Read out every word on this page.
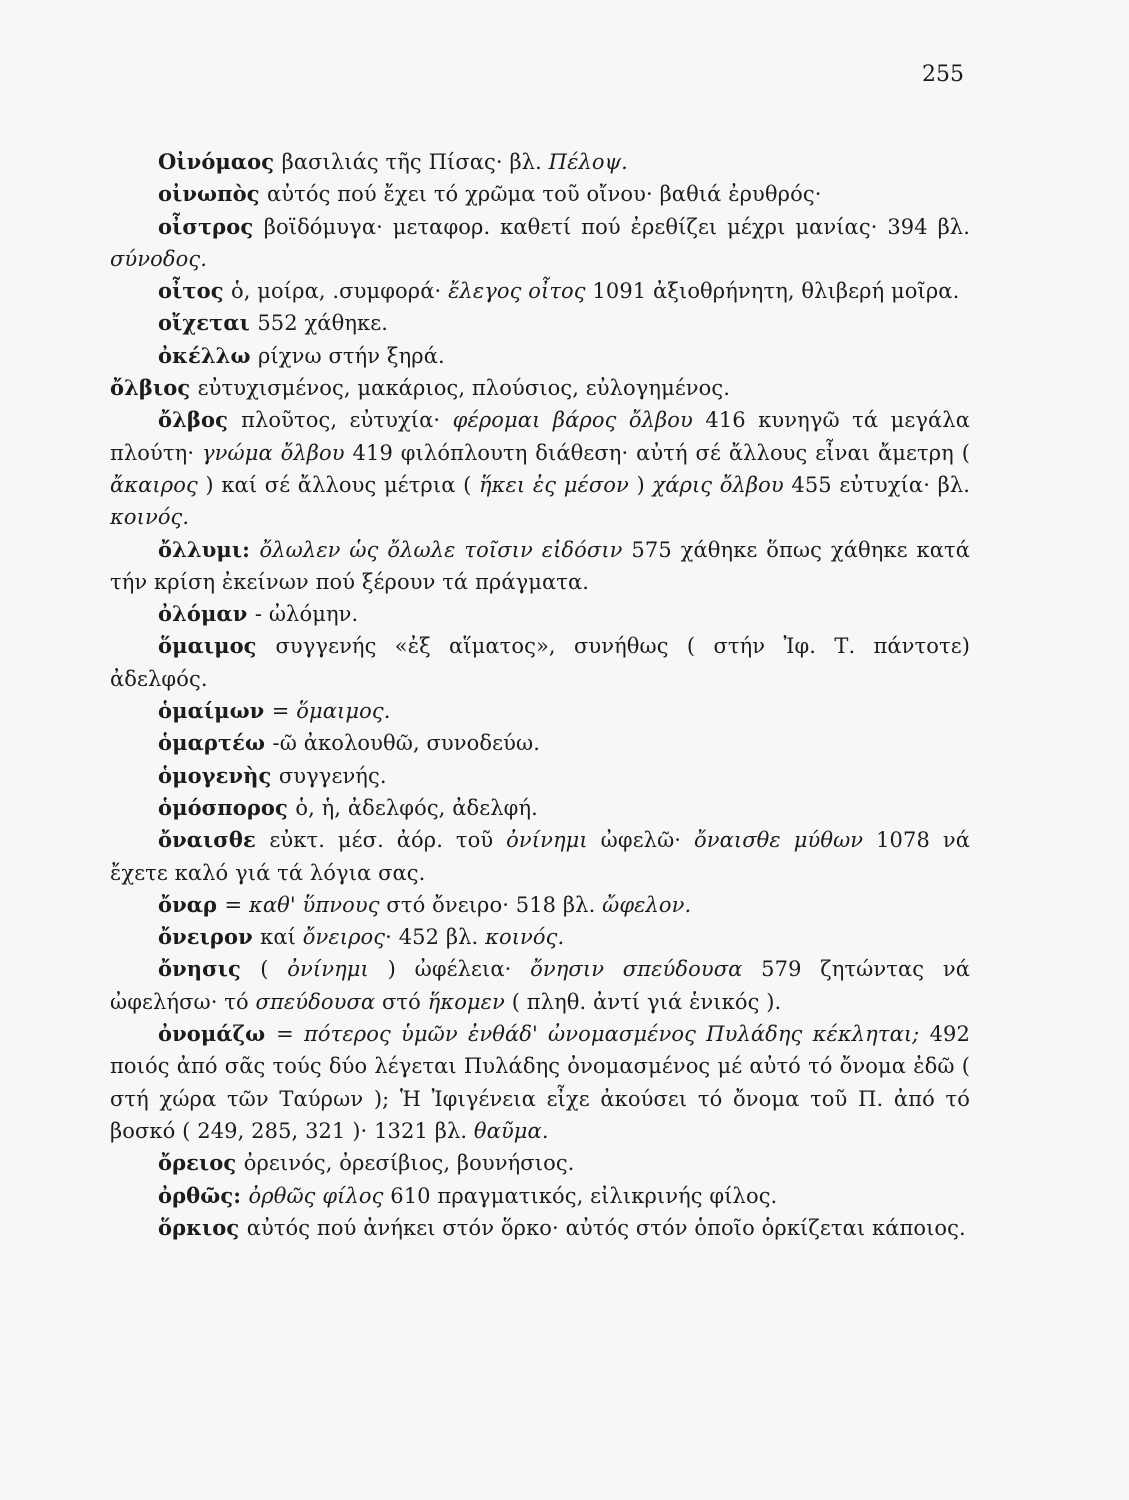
255

Οἰνόμαος βασιλιάς τῆς Πίσας· βλ. Πέλοψ.

οἰνωπὸς αὐτός πού ἔχει τό χρῶμα τοῦ οἴνου· βαθιά ἐρυθρός·

οἶστρος βοϊδόμυγα· μεταφορ. καθετί πού ἐρεθίζει μέχρι μανίας· 394 βλ. σύνοδος.

οἶτος ὁ, μοίρα, .συμφορά· ἔλεγος οἶτος 1091 ἀξιοθρήνητη, θλιβερή μοῖρα.

οἴχεται 552 χάθηκε.

ὀκέλλω ρίχνω στήν ξηρά.

ὄλβιος εὐτυχισμένος, μακάριος, πλούσιος, εὐλογημένος.

ὄλβος πλοῦτος, εὐτυχία· φέρομαι βάρος ὄλβου 416 κυνηγῶ τά μεγάλα πλούτη· γνώμα ὄλβου 419 φιλόπλουτη διάθεση· αὐτή σέ ἄλλους εἶναι ἄμετρη ( ἄκαιρος ) καί σέ ἄλλους μέτρια ( ἥκει ἐς μέσον ) χάρις ὄλβου 455 εὐτυχία· βλ. κοινός.

ὄλλυμι: ὄλωλεν ὡς ὄλωλε τοῖσιν εἰδόσιν 575 χάθηκε ὅπως χάθηκε κατά τήν κρίση ἐκείνων πού ξέρουν τά πράγματα.

ὀλόμαν - ὠλόμην.

ὅμαιμος συγγενής «ἐξ αἵματος», συνήθως ( στήν Ἰφ. Τ. πάντοτε) ἀδελφός.

ὁμαίμων = ὅμαιμος.

ὁμαρτέω -ῶ ἀκολουθῶ, συνοδεύω.

ὁμογενὴς συγγενής.

ὁμόσπορος ὁ, ἡ, ἀδελφός, ἀδελφή.

ὄναισθε εὐκτ. μέσ. ἀόρ. τοῦ ὀνίνημι ὠφελῶ· ὄναισθε μύθων 1078 νά ἔχετε καλό γιά τά λόγια σας.

ὄναρ = καθ' ὕπνους στό ὄνειρο· 518 βλ. ὤφελον.

ὄνειρον καί ὄνειρος· 452 βλ. κοινός.

ὄνησις ( ὀνίνημι ) ὠφέλεια· ὄνησιν σπεύδουσα 579 ζητώντας νά ὠφελήσω· τό σπεύδουσα στό ἥκομεν ( πληθ. ἀντί γιά ἑνικός ).

ὀνομάζω = πότερος ὑμῶν ἐνθάδ' ὠνομασμένος Πυλάδης κέκληται; 492 ποιός ἀπό σᾶς τούς δύο λέγεται Πυλάδης ὀνομασμένος μέ αὐτό τό ὄνομα ἐδῶ ( στή χώρα τῶν Ταύρων ); Ἡ Ἰφιγένεια εἶχε ἀκούσει τό ὄνομα τοῦ Π. ἀπό τό βοσκό ( 249, 285, 321 )· 1321 βλ. θαῦμα.

ὄρειος ὀρεινός, ὀρεσίβιος, βουνήσιος.

ὀρθῶς: ὀρθῶς φίλος 610 πραγματικός, εἰλικρινής φίλος.

ὅρκιος αὐτός πού ἀνήκει στόν ὅρκο· αὐτός στόν ὁποῖο ὁρκίζεται κάποιος.
